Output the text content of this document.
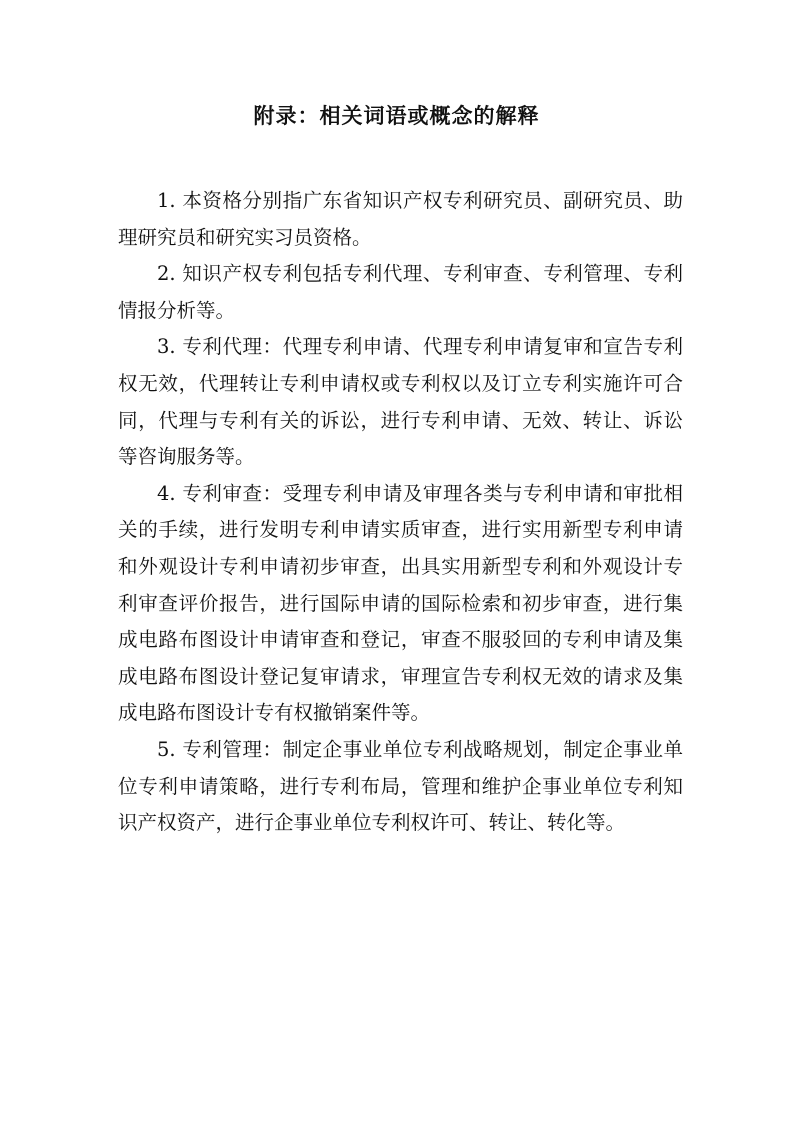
附录：相关词语或概念的解释

1. 本资格分别指广东省知识产权专利研究员、副研究员、助理研究员和研究实习员资格。

2. 知识产权专利包括专利代理、专利审查、专利管理、专利情报分析等。

3. 专利代理：代理专利申请、代理专利申请复审和宣告专利权无效，代理转让专利申请权或专利权以及订立专利实施许可合同，代理与专利有关的诉讼，进行专利申请、无效、转让、诉讼等咨询服务等。

4. 专利审查：受理专利申请及审理各类与专利申请和审批相关的手续，进行发明专利申请实质审查，进行实用新型专利申请和外观设计专利申请初步审查，出具实用新型专利和外观设计专利审查评价报告，进行国际申请的国际检索和初步审查，进行集成电路布图设计申请审查和登记，审查不服驳回的专利申请及集成电路布图设计登记复审请求，审理宣告专利权无效的请求及集成电路布图设计专有权撤销案件等。

5. 专利管理：制定企事业单位专利战略规划，制定企事业单位专利申请策略，进行专利布局，管理和维护企事业单位专利知识产权资产，进行企事业单位专利权许可、转让、转化等。
